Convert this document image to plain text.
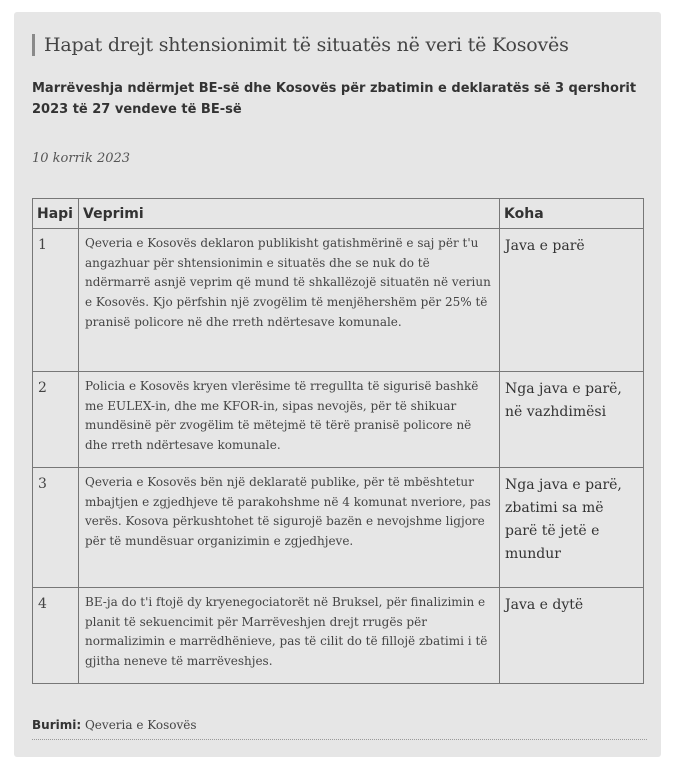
Hapat drejt shtensionimit të situatës në veri të Kosovës
Marrëveshja ndërmjet BE-së dhe Kosovës për zbatimin e deklaratës së 3 qershorit 2023 të 27 vendeve të BE-së
10 korrik 2023
Hapi	Veprimi	Koha
1	Qeveria e Kosovës deklaron publikisht gatishmërinë e saj për t'u angazhuar për shtensionimin e situatës dhe se nuk do të ndërmarrë asnjë veprim që mund të shkallëzojë situatën në veriun e Kosovës. Kjo përfshin një zvogëlim të menjëhershëm për 25% të pranisë policore në dhe rreth ndërtesave komunale.	Java e parë
2	Policia e Kosovës kryen vlerësime të rregullta të sigurisë bashkë me EULEX-in, dhe me KFOR-in, sipas nevojës, për të shikuar mundësinë për zvogëlim të mëtejmë të tërë pranisë policore në dhe rreth ndërtesave komunale.	Nga java e parë, në vazhdimësi
3	Qeveria e Kosovës bën një deklaratë publike, për të mbështetur mbajtjen e zgjedhjeve të parakohshme në 4 komunat nveriore, pas verës. Kosova përkushtohet të sigurojë bazën e nevojshme ligjore për të mundësuar organizimin e zgjedhjeve.	Nga java e parë, zbatimi sa më parë të jetë e mundur
4	BE-ja do t'i ftojë dy kryenegociatorët në Bruksel, për finalizimin e planit të sekuencimit për Marrëveshjen drejt rrugës për normalizimin e marrëdhënieve, pas të cilit do të fillojë zbatimi i të gjitha neneve të marrëveshjes.	Java e dytë
Burimi: Qeveria e Kosovës
